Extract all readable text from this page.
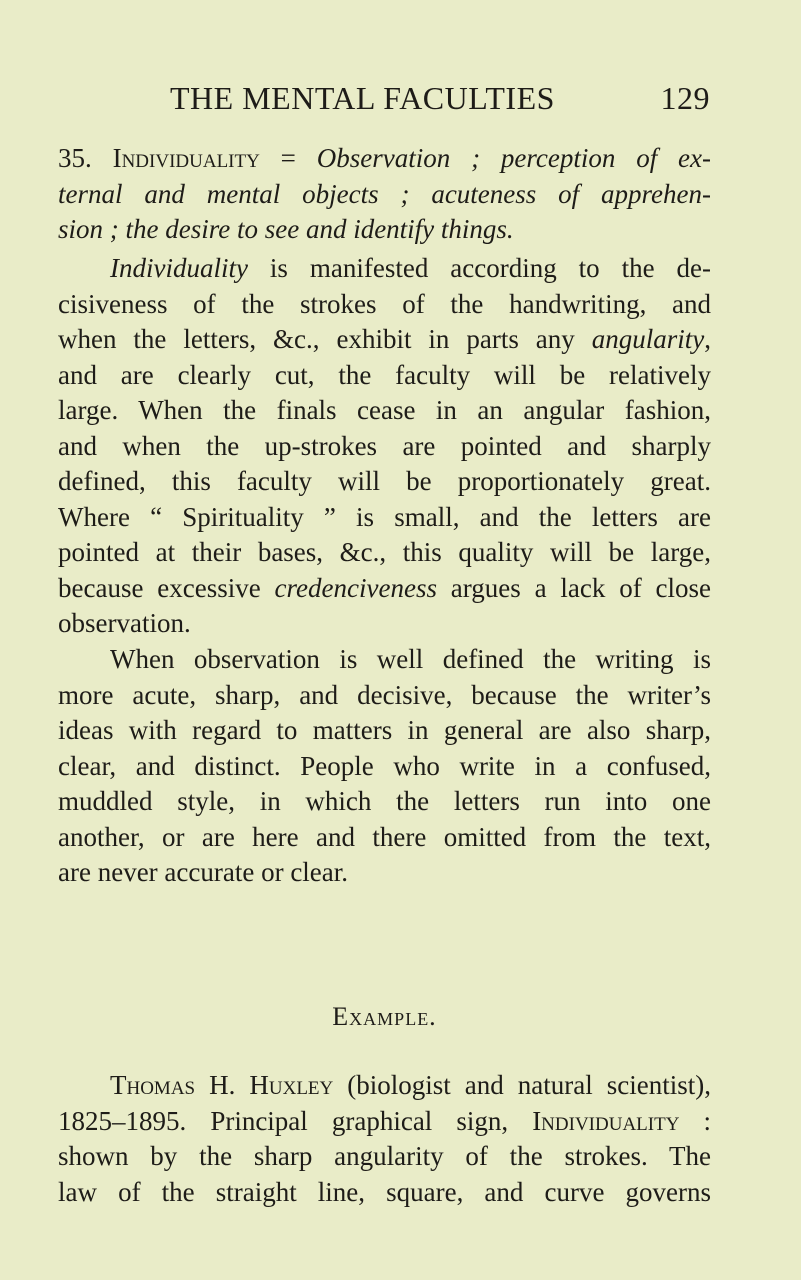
THE MENTAL FACULTIES	129
35. Individuality = Observation ; perception of ex-
ternal and mental objects ; acuteness of apprehen-
sion ; the desire to see and identify things.
Individuality is manifested according to the de-
cisiveness of the strokes of the handwriting, and
when the letters, &c., exhibit in parts any angularity,
and are clearly cut, the faculty will be relatively
large. When the finals cease in an angular fashion,
and when the up-strokes are pointed and sharply
defined, this faculty will be proportionately great.
Where “ Spirituality ” is small, and the letters are
pointed at their bases, &c., this quality will be large,
because excessive credenciveness argues a lack of close
observation.
When observation is well defined the writing is
more acute, sharp, and decisive, because the writer’s
ideas with regard to matters in general are also sharp,
clear, and distinct. People who write in a confused,
muddled style, in which the letters run into one
another, or are here and there omitted from the text,
are never accurate or clear.
Example.
Thomas H. Huxley (biologist and natural scientist),
1825–1895. Principal graphical sign, Individuality :
shown by the sharp angularity of the strokes. The
law of the straight line, square, and curve governs
